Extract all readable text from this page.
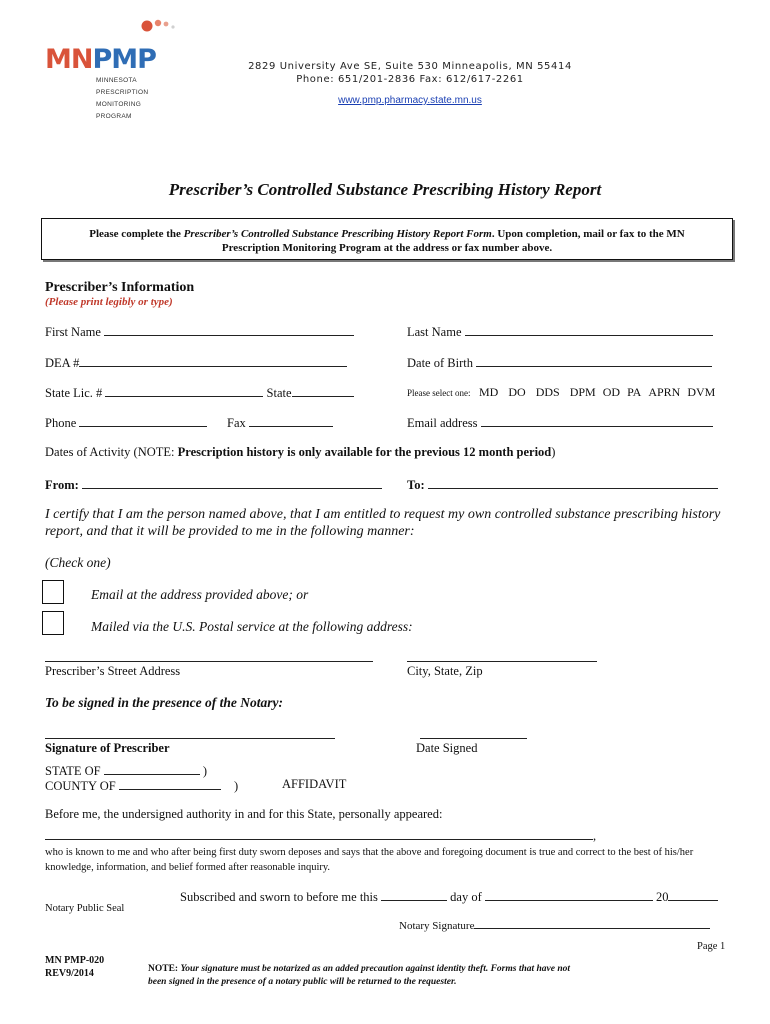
MNPMP
MINNESOTA
PRESCRIPTION
MONITORING
PROGRAM
2829 University Ave SE, Suite 530 Minneapolis, MN 55414
Phone: 651/201-2836 Fax: 612/617-2261
www.pmp.pharmacy.state.mn.us
Prescriber’s Controlled Substance Prescribing History Report
Please complete the Prescriber’s Controlled Substance Prescribing History Report Form. Upon completion, mail or fax to the MN Prescription Monitoring Program at the address or fax number above.
Prescriber’s Information
(Please print legibly or type)
First Name	Last Name
DEA #	Date of Birth
State Lic. #	State	Please select one: MD DO DDS DPM OD PA APRN DVM
Phone	Fax	Email address
Dates of Activity (NOTE: Prescription history is only available for the previous 12 month period)
From:	To:
I certify that I am the person named above, that I am entitled to request my own controlled substance prescribing history report, and that it will be provided to me in the following manner:
(Check one)
Email at the address provided above; or
Mailed via the U.S. Postal service at the following address:
Prescriber’s Street Address	City, State, Zip
To be signed in the presence of the Notary:
Signature of Prescriber	Date Signed
STATE OF	)
COUNTY OF	)	AFFIDAVIT
Before me, the undersigned authority in and for this State, personally appeared:
,
who is known to me and who after being first duty sworn deposes and says that the above and foregoing document is true and correct to the best of his/her knowledge, information, and belief formed after reasonable inquiry.
Subscribed and sworn to before me this	day of	20
Notary Public Seal
Notary Signature
Page 1
MN PMP-020
REV9/2014	NOTE: Your signature must be notarized as an added precaution against identity theft. Forms that have not been signed in the presence of a notary public will be returned to the requester.
